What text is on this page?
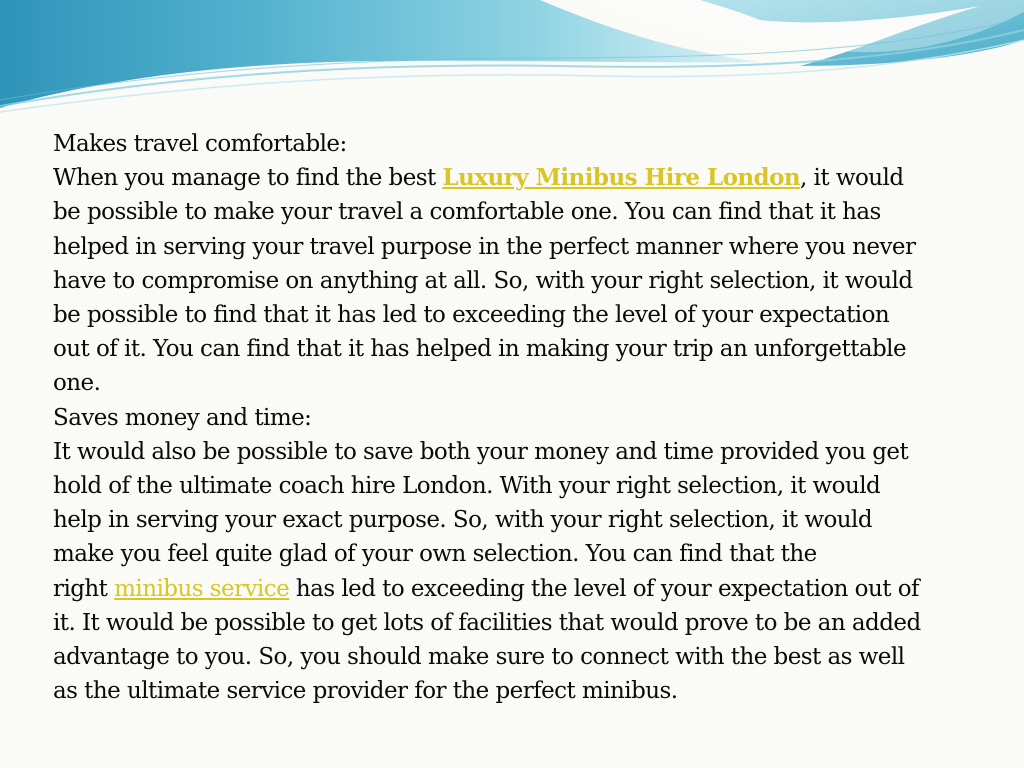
Makes travel comfortable:
When you manage to find the best Luxury Minibus Hire London, it would
be possible to make your travel a comfortable one. You can find that it has
helped in serving your travel purpose in the perfect manner where you never
have to compromise on anything at all. So, with your right selection, it would
be possible to find that it has led to exceeding the level of your expectation
out of it. You can find that it has helped in making your trip an unforgettable
one.
Saves money and time:
It would also be possible to save both your money and time provided you get
hold of the ultimate coach hire London. With your right selection, it would
help in serving your exact purpose. So, with your right selection, it would
make you feel quite glad of your own selection. You can find that the
right minibus service has led to exceeding the level of your expectation out of
it. It would be possible to get lots of facilities that would prove to be an added
advantage to you. So, you should make sure to connect with the best as well
as the ultimate service provider for the perfect minibus.
